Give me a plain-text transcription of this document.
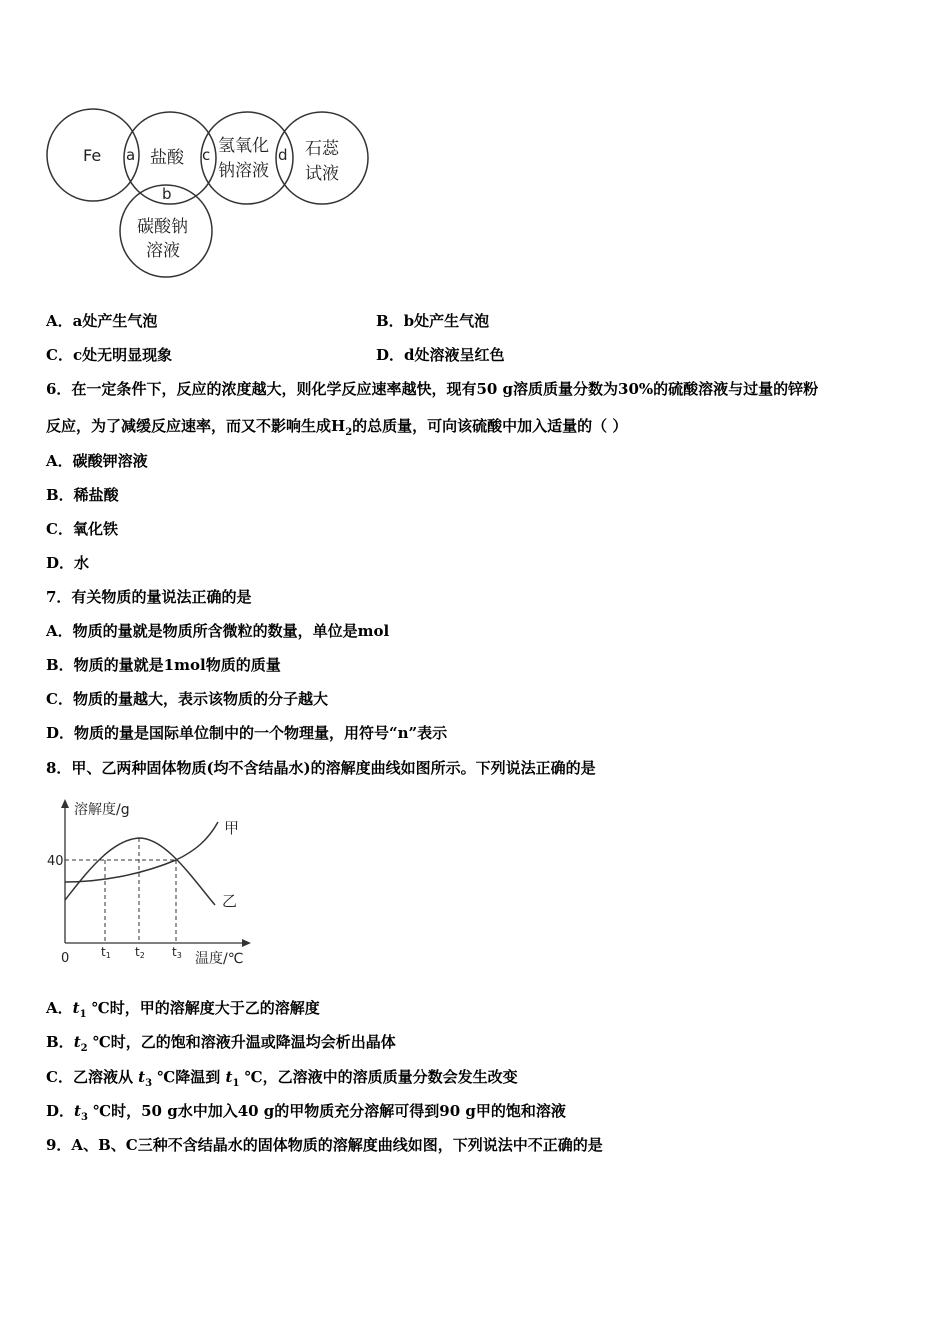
Fe a 盐酸 c 氢氧化
钠溶液
d 石蕊
试液
b
碳酸钠
溶液
A．a处产生气泡	B．b处产生气泡
C．c处无明显现象	D．d处溶液呈红色
6．在一定条件下，反应的浓度越大，则化学反应速率越快，现有50 g溶质质量分数为30%的硫酸溶液与过量的锌粉
反应，为了减缓反应速率，而又不影响生成$H_2$的总质量，可向该硫酸中加入适量的（ ）
A．碳酸钾溶液
B．稀盐酸
C．氧化铁
D．水
7．有关物质的量说法正确的是
A．物质的量就是物质所含微粒的数量，单位是mol
B．物质的量就是1mol物质的质量
C．物质的量越大，表示该物质的分子越大
D．物质的量是国际单位制中的一个物理量，用符号“n”表示
8．甲、乙两种固体物质(均不含结晶水)的溶解度曲线如图所示。下列说法正确的是
溶解度/g
40
0	t1 t2 t3 温度/℃
甲
乙
A．$t_1$ ℃时，甲的溶解度大于乙的溶解度
B．$t_2$ ℃时，乙的饱和溶液升温或降温均会析出晶体
C．乙溶液从 $t_3$ ℃降温到 $t_1$ ℃，乙溶液中的溶质质量分数会发生改变
D．$t_3$ ℃时，50 g水中加入40 g的甲物质充分溶解可得到90 g甲的饱和溶液
9．A、B、C三种不含结晶水的固体物质的溶解度曲线如图，下列说法中不正确的是
